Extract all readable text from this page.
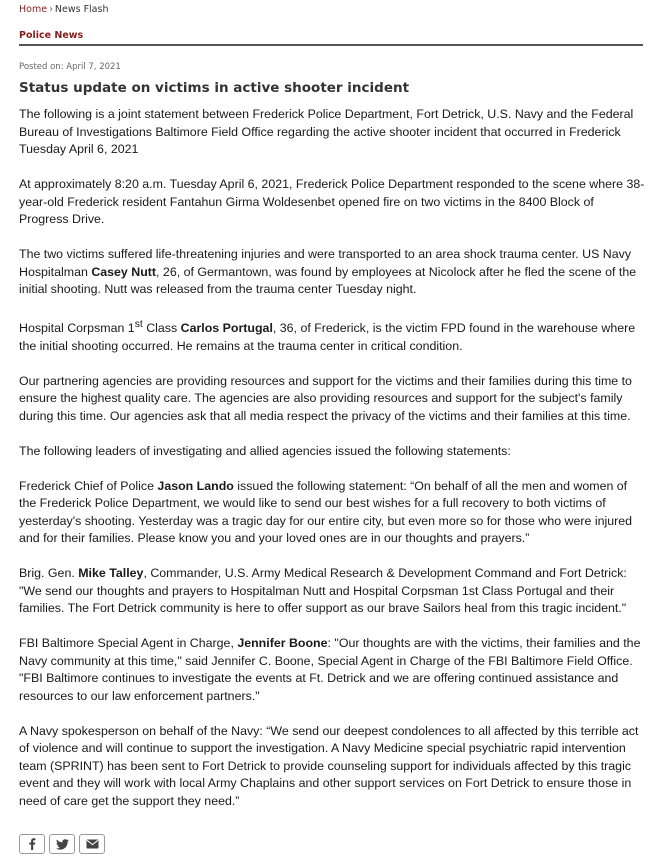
Home › News Flash
Police News
Posted on: April 7, 2021
Status update on victims in active shooter incident

The following is a joint statement between Frederick Police Department, Fort Detrick, U.S. Navy and the Federal Bureau of Investigations Baltimore Field Office regarding the active shooter incident that occurred in Frederick Tuesday April 6, 2021

At approximately 8:20 a.m. Tuesday April 6, 2021, Frederick Police Department responded to the scene where 38-year-old Frederick resident Fantahun Girma Woldesenbet opened fire on two victims in the 8400 Block of Progress Drive.

The two victims suffered life-threatening injuries and were transported to an area shock trauma center. US Navy Hospitalman Casey Nutt, 26, of Germantown, was found by employees at Nicolock after he fled the scene of the initial shooting. Nutt was released from the trauma center Tuesday night.

Hospital Corpsman 1st Class Carlos Portugal, 36, of Frederick, is the victim FPD found in the warehouse where the initial shooting occurred. He remains at the trauma center in critical condition.

Our partnering agencies are providing resources and support for the victims and their families during this time to ensure the highest quality care. The agencies are also providing resources and support for the subject's family during this time. Our agencies ask that all media respect the privacy of the victims and their families at this time.

The following leaders of investigating and allied agencies issued the following statements:

Frederick Chief of Police Jason Lando issued the following statement: “On behalf of all the men and women of the Frederick Police Department, we would like to send our best wishes for a full recovery to both victims of yesterday's shooting. Yesterday was a tragic day for our entire city, but even more so for those who were injured and for their families. Please know you and your loved ones are in our thoughts and prayers.”

Brig. Gen. Mike Talley, Commander, U.S. Army Medical Research & Development Command and Fort Detrick: "We send our thoughts and prayers to Hospitalman Nutt and Hospital Corpsman 1st Class Portugal and their families. The Fort Detrick community is here to offer support as our brave Sailors heal from this tragic incident."

FBI Baltimore Special Agent in Charge, Jennifer Boone: "Our thoughts are with the victims, their families and the Navy community at this time," said Jennifer C. Boone, Special Agent in Charge of the FBI Baltimore Field Office. "FBI Baltimore continues to investigate the events at Ft. Detrick and we are offering continued assistance and resources to our law enforcement partners."

A Navy spokesperson on behalf of the Navy: “We send our deepest condolences to all affected by this terrible act of violence and will continue to support the investigation. A Navy Medicine special psychiatric rapid intervention team (SPRINT) has been sent to Fort Detrick to provide counseling support for individuals affected by this tragic event and they will work with local Army Chaplains and other support services on Fort Detrick to ensure those in need of care get the support they need.”
